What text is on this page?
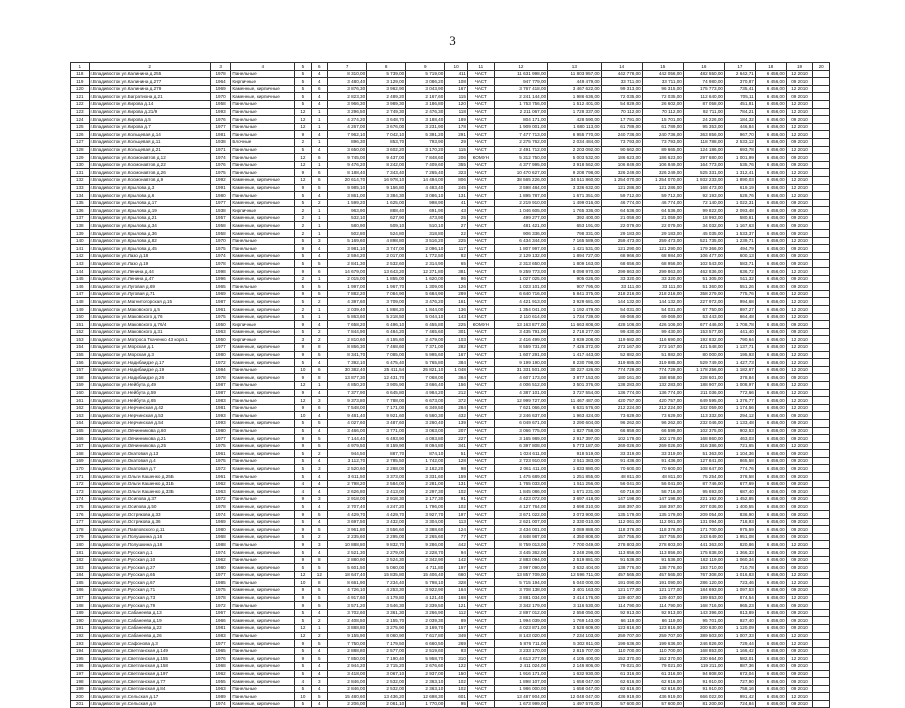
3
1	2	3	4	5	6	7	8	9	10	11	12	13	14	15	16	17	18	19	20
118	г.Владивосток ул.Калинина д.255	1978	Панельные	5	4	8 310,00	5 739,00	5 719,00	411	ЧАСТ	11 631 998,00	11 803 957,00	442 778,00	442 056,00	482 550,00	2 642,71	6 456,00	12 2010	
119	г.Владивосток ул.Калинина д.277	1964	Кирпичные	5	4	3 480,40	3 129,00	3 086,20	108	ЧАСТ	947 779,00	449 479,00	33 711,00	33 711,00	74 980,00	370,87	6 456,00	09 2010	
120	г.Владивосток ул.Калинина д.279	1969	Каменные, кирпичные	5	6	3 876,30	3 962,90	3 043,90	167	ЧАСТ	3 767 418,00	3 467 622,00	99 313,00	96 315,00	175 773,00	735,41	6 456,00	12 2010	
121	г.Владивосток ул.Багратиона д.21	1970	Каменные, кирпичные	5	4	2 823,30	2 489,20	2 167,60	115	ЧАСТ	2 241 144,00	1 986 636,00	72 035,00	72 035,00	112 640,00	705,11	6 456,00	09 2010	
122	г.Владивосток ул.Кирова д.14	1958	Панельные	5	4	3 966,30	3 989,30	3 186,80	120	ЧАСТ	1 753 756,00	1 512 401,00	54 829,00	26 602,00	87 058,00	451,81	6 456,00	12 2010	
123	г.Владивосток ул.Кирова д.21/9	1993	Панельные	12	1	3 296,50	2 749,30	2 476,30	118	ЧАСТ	2 211 067,00	1 728 337,00	70 112,00	70 112,00	92 711,00	784,21	6 456,00	12 2010	
124	г.Владивосток ул.Кирова д.5	1976	Панельные	12	1	4 274,20	3 648,70	3 188,40	189	ЧАСТ	804 171,00	428 590,00	17 791,00	15 701,00	24 226,00	184,32	6 456,00	09 2010	
125	г.Владивосток ул.Кирова д.7	1977	Панельные	12	1	4 267,00	3 676,00	3 231,90	178	ЧАСТ	1 909 001,00	1 680 113,00	61 789,00	61 789,00	95 353,00	446,84	6 456,00	12 2010	
126	г.Владивосток ул.Кольцевая д.14	1981	Панельные	9	4	7 962,10	7 042,10	5 391,20	291	ЧАСТ	7 477 713,00	6 955 770,00	240 736,00	240 736,00	363 856,00	967,70	6 456,00	12 2010	
127	г.Владивосток ул.Кольцевая д.11	1938	Блочные	2	1	896,30	853,70	793,90	29	ЧАСТ	2 275 762,00	2 034 484,00	73 793,00	73 793,00	118 788,00	2 533,12	6 456,00	09 2010	
128	г.Владивосток ул.Кольцевая д.21	1971	Панельные	5	4	3 650,00	3 602,20	3 170,20	115	ЧАСТ	2 491 712,00	2 203 092,00	90 662,00	89 665,00	124 186,00	693,78	6 456,00	12 2010	
129	г.Владивосток ул.Космонавтов д.12	1974	Панельные	12	6	9 745,00	9 437,00	7 848,60	206	КОМУН	5 312 750,00	5 003 532,00	186 623,00	186 623,00	297 680,00	1 001,99	6 456,00	09 2010	
130	г.Владивосток ул.Космонавтов д.22	1976	Панельные	12	1	9 476,20	8 242,00	7 409,60	355	ЧАСТ	4 377 995,00	3 918 562,00	106 849,00	106 849,00	164 773,00	535,76	6 456,00	09 2010	
131	г.Владивосток ул.Космонавтов д.26	1975	Панельные	9	6	8 188,40	7 343,40	7 265,40	323	ЧАСТ	10 470 627,00	9 208 798,00	326 249,00	326 249,00	525 331,00	1 312,41	6 456,00	12 2010	
132	г.Владивосток ул.Космонавтов д.9	1992	Каменные, кирпичные	12	6	20 614,70	16 978,10	14 494,00	806	ЧАСТ	38 565 226,00	34 511 860,00	1 254 070,00	1 254 070,00	1 932 233,00	1 890,03	6 456,00	12 2010	
133	г.Владивосток ул.Крылова д.3	1991	Каменные, кирпичные	9	5	9 985,10	9 156,80	4 483,40	245	ЧАСТ	3 598 484,00	3 336 632,00	121 286,00	121 286,00	168 473,00	619,19	6 456,00	12 2010	
134	г.Владивосток ул.Крылова д.6	1980	Панельные	5	4	3 861,00	3 384,30	3 086,10	131	ЧАСТ	1 895 787,00	1 671 351,00	59 712,00	59 712,00	92 193,00	528,76	6 456,00	12 2010	
135	г.Владивосток ул.Крылова д.17	1977	Каменные, кирпичные	5	2	1 599,20	1 625,00	998,90	41	ЧАСТ	2 219 910,00	1 499 016,00	46 774,00	46 774,00	72 140,00	1 022,31	6 456,00	09 2010	
136	г.Владивосток ул.Крылова д.19	1938	Кирпичные	2	1	963,90	888,40	691,90	43	ЧАСТ	1 046 605,00	1 765 336,00	64 536,00	64 536,00	99 822,00	2 093,48	6 456,00	09 2010	
137	г.Владивосток ул.Крылова д.21	1957	Каменные, кирпичные	2	1	532,10	627,90	473,90	25	ЧАСТ	499 277,00	392 400,00	21 059,00	21 059,00	18 993,00	580,61	6 456,00	09 2010	
138	г.Владивосток ул.Крылова д.34	1958	Каменные, кирпичные	2	1	580,90	509,10	510,10	27	ЧАСТ	481 421,00	653 191,00	22 079,00	22 079,00	34 032,00	1 167,63	6 456,00	09 2010	
139	г.Владивосток ул.Крылова д.36	1958	Каменные, кирпичные	2	1	502,80	524,80	318,80	22	ЧАСТ	906 336,00	798 331,00	29 183,00	29 183,00	45 035,00	1 533,37	6 456,00	09 2010	
140	г.Владивосток ул.Крылова д.82	1970	Панельные	5	3	5 169,60	4 898,80	3 516,20	225	ЧАСТ	6 434 344,00	7 165 589,00	259 473,00	259 473,00	521 735,00	1 239,71	6 456,00	12 2010	
141	г.Владивосток ул.Крылова д.45	1975	Панельные	9	4	3 981,10	3 747,00	2 096,10	117	ЧАСТ	1 807 997,00	1 421 531,00	121 290,00	121 290,00	179 366,00	494,79	6 456,00	09 2010	
142	г.Владивосток ул.Лазо д.18	1974	Каменные, кирпичные	5	4	2 594,20	2 017,00	1 772,50	82	ЧАСТ	2 129 132,00	1 894 727,00	68 966,00	68 984,00	106 477,00	600,13	6 456,00	09 2010	
143	г.Владивосток ул.Лазо д.19	1978	Каменные, кирпичные	5	5	2 841,30	2 532,60	2 314,90	65	ЧАСТ	2 313 650,00	1 809 163,00	68 656,00	68 956,00	102 543,00	583,71	6 456,00	09 2010	
144	г.Владивосток ул.Ленина д.44	1998	Каменные, кирпичные	9	6	14 679,00	13 643,20	12 271,80	381	ЧАСТ	9 259 773,00	8 098 970,00	299 863,00	299 863,00	462 836,00	636,72	6 456,00	12 2010	
145	г.Владивосток ул.Ленина д.47	1996	Каменные, кирпичные	2	1	2 015,00	1 855,00	1 620,00	86	ЧАСТ	1 027 025,00	905 026,00	33 320,00	33 320,00	51 305,00	511,32	6 456,00	09 2010	
146	г.Владивосток ул.Луговая д.69	1965	Панельные	5	5	1 997,00	1 967,70	1 309,00	126	ЧАСТ	1 023 101,00	907 795,00	33 111,00	33 111,00	51 360,00	551,26	6 456,00	09 2010	
147	г.Владивосток ул.Луговая д.71	1969	Каменные, кирпичные	9	5	7 882,20	7 084,90	5 684,90	289	ЧАСТ	6 640 716,00	5 841 375,00	218 216,00	218 216,00	358 279,00	775,76	6 456,00	12 2010	
148	г.Владивосток ул.Магнитогорская д.15	1987	Каменные, кирпичные	5	2	4 397,60	3 709,00	3 476,20	161	ЧАСТ	4 421 913,00	3 929 681,00	144 132,00	144 132,00	227 972,00	994,68	6 456,00	12 2010	
149	г.Владивосток ул.Маковского д.5	1961	Каменные, кирпичные	2	1	2 039,40	1 868,20	1 844,00	136	ЧАСТ	1 354 041,00	1 192 479,00	54 031,00	54 031,00	67 750,00	897,27	6 456,00	12 2010	
150	г.Владивосток ул.Маковского д.76	1975	Каменные, кирпичные	5	1	5 863,60	5 218,50	5 044,10	143	ЧАСТ	2 110 614,00	1 734 739,00	69 069,00	69 069,00	53 443,00	664,48	6 456,00	12 2010	
151	г.Владивосток ул.Маковского д.76/4	1950	Кирпичные	9	4	7 658,20	6 496,10	6 455,80	225	КОМУН	13 163 877,00	11 663 808,00	428 106,00	426 106,00	677 446,00	1 708,78	6 456,00	09 2010	
152	г.Владивосток ул.Маковского д.31	1963	Каменные, кирпичные	5	2	7 844,90	6 484,20	7 465,60	301	ЧАСТ	3 435 791,00	2 718 277,00	99 430,00	99 430,00	153 577,00	441,40	6 456,00	09 2010	
153	г.Владивосток ул.Матроса Ткаченко 43 корп.1	1950	Кирпичные	3	2	2 810,60	4 155,60	2 479,00	103	ЧАСТ	2 416 499,00	3 939 208,00	119 682,00	116 690,00	192 832,00	790,64	6 456,00	12 2010	
154	г.Владивосток ул.Морская д.1	1977	Каменные, кирпичные	9	8	8 866,30	7 468,60	7 371,00	282	ЧАСТ	8 559 731,00	7 426 372,00	273 167,00	273 167,00	421 548,00	1 137,71	6 456,00	12 2010	
155	г.Владивосток ул.Морская д.3	1980	Каменные, кирпичные	9	5	8 341,70	7 085,00	5 995,60	167	ЧАСТ	1 607 291,00	1 417 443,00	52 882,00	51 882,00	80 000,00	195,93	6 456,00	12 2010	
156	г.Владивосток ул.Надибаидзе д.17	1972	Каменные, кирпичные	5	4	7 392,10	6 475,40	5 765,80	384	ЧАСТ	9 199 190,00	8 230 798,00	319 885,00	319 885,00	529 749,00	1 427,73	6 456,00	12 2010	
157	г.Владивосток ул.Надибаидзе д.19	1984	Панельные	10	6	30 382,40	25 411,54	25 821,10	1 048	ЧАСТ	31 331 501,00	30 227 426,00	774 729,00	774 729,00	1 178 256,00	1 182,67	6 456,00	12 2010	
158	г.Владивосток ул.Надибаидзе д.26	1978	Каменные, кирпичные	9	8	13 877,30	12 431,70	7 068,00	364	ЧАСТ	4 607 173,00	3 877 153,00	180 161,00	158 658,00	228 601,00	378,84	6 456,00	09 2010	
159	г.Владивосток ул.Нейбута д.49	1987	Панельные	12	1	4 850,20	3 905,90	3 666,40	156	ЧАСТ	4 006 512,00	3 501 376,00	138 283,00	132 283,00	188 907,00	1 008,97	6 456,00	12 2010	
160	г.Владивосток ул.Нейбута д.59	1987	Каменные, кирпичные	9	4	7 377,90	6 645,80	4 984,20	212	ЧАСТ	4 387 101,00	3 727 554,00	136 774,00	136 774,00	211 036,00	772,66	6 456,00	12 2010	
161	г.Владивосток ул.Нейбута д.65	1983	Панельные	12	3	9 373,80	7 788,00	6 673,00	372	ЧАСТ	12 999 727,00	11 467 487,00	420 757,00	420 757,00	649 595,00	1 376,77	6 456,00	12 2010	
162	г.Владивосток ул.Нерчинская д.42	1981	Панельные	9	6	7 548,00	7 171,00	6 349,50	284	ЧАСТ	7 621 066,00	6 631 576,00	212 224,00	212 224,00	342 059,00	1 174,56	6 456,00	12 2010	
163	г.Владивосток ул.Нерчинская д.53	1993	Панельные	10	4	9 481,40	9 921,60	6 560,30	432	ЧАСТ	2 246 637,00	1 963 424,00	73 629,00	73 629,00	113 332,00	294,12	6 456,00	09 2010	
164	г.Владивосток ул.Нерчинская д.54	1993	Каменные, кирпичные	5	5	4 027,60	3 487,60	3 260,40	139	ЧАСТ	6 049 671,00	3 290 604,00	96 262,00	96 262,00	232 046,00	1 133,48	6 456,00	09 2010	
165	г.Владивосток ул.Овчинникова д.60	1980	Панельные	5	4	3 466,00	3 771,00	3 063,00	207	ЧАСТ	3 066 775,00	1 827 758,00	66 859,00	66 599,00	102 375,00	902,53	6 456,00	09 2010	
166	г.Владивосток ул.Овчинникова д.21	1977	Каменные, кирпичные	9	5	7 144,40	6 493,90	4 093,80	227	ЧАСТ	3 165 989,00	2 917 397,00	102 179,00	102 179,00	168 860,00	463,03	6 456,00	09 2010	
167	г.Владивосток ул.Овчинникова д.25	1975	Каменные, кирпичные	9	5	4 979,50	8 159,90	8 094,80	341	ЧАСТ	6 397 808,00	5 773 187,00	269 026,00	269 026,00	316 386,00	721,65	6 456,00	12 2010	
168	г.Владивосток ул.Окатовая д.13	1961	Каменные, кирпичные	5	2	944,50	887,70	874,10	51	ЧАСТ	1 024 611,00	918 519,00	33 319,00	33 319,00	51 363,00	1 104,36	6 456,00	09 2010	
169	г.Владивосток ул.Окатовая д.4	1975	Панельные	5	4	3 112,70	2 785,50	1 742,00	128	ЧАСТ	2 723 910,00	2 511 383,00	91 436,00	91 436,00	127 841,00	865,58	6 456,00	09 2010	
170	г.Владивосток ул.Окатовая д.7	1972	Каменные, кирпичные	5	3	2 520,60	2 268,00	2 162,20	98	ЧАСТ	2 061 411,00	1 833 880,00	70 600,00	70 600,00	108 647,00	774,76	6 456,00	09 2010	
171	г.Владивосток ул.Ольги Кашенко д.25Б	1961	Панельные	5	4	3 611,50	3 373,00	3 331,60	159	ЧАСТ	1 475 689,00	1 251 855,00	48 811,00	48 811,00	75 254,00	378,58	6 456,00	09 2010	
172	г.Владивосток ул.Ольги Кашенко д.31Б	1962	Каменные, кирпичные	4	4	2 798,20	2 584,00	2 281,00	131	ЧАСТ	1 765 033,00	1 511 256,00	56 041,00	56 041,00	87 746,00	677,69	6 456,00	09 2010	
173	г.Владивосток ул.Ольги Кашенко д.33Б	1963	Каменные, кирпичные	4	4	2 626,80	2 413,00	2 297,30	102	ЧАСТ	1 845 086,00	1 671 231,00	60 716,00	58 716,00	95 693,00	687,40	6 456,00	09 2010	
174	г.Владивосток ул.Осипова д.37	1972	Панельные	9	3	2 918,00	2 918,30	2 177,30	91	ЧАСТ	4 423 072,00	3 697 418,00	147 198,00	147 198,00	221 192,00	1 452,85	6 456,00	09 2010	
175	г.Владивосток ул.Осипова д.50	1978	Каменные, кирпичные	5	4	2 707,40	4 247,20	1 796,00	102	ЧАСТ	4 127 764,00	3 698 310,00	158 397,00	158 397,00	207 036,00	1 400,55	6 456,00	09 2010	
176	г.Владивосток ул.Острякова д.33	1974	Каменные, кирпичные	9	5	4 429,70	4 429,70	3 927,70	197	ЧАСТ	3 671 022,00	3 073 900,00	135 179,00	135 179,00	209 054,00	836,90	6 456,00	09 2010	
177	г.Владивосток ул.Острякова д.36	1969	Каменные, кирпичные	5	4	3 697,50	3 432,00	3 304,00	113	ЧАСТ	2 621 007,00	2 330 010,00	112 061,00	112 061,00	131 094,00	718,93	6 456,00	09 2010	
178	г.Владивосток ул.Павловского д.11	1980	Каменные, кирпичные	9	5	3 961,80	3 556,60	3 388,60	124	ЧАСТ	3 434 001,00	3 089 888,00	118 376,00	118 376,00	171 700,00	975,59	6 456,00	09 2010	
179	г.Владивосток ул.Полушкина д.16	1968	Каменные, кирпичные	5	2	2 235,60	2 295,00	2 265,60	77	ЧАСТ	4 848 987,00	4 350 808,00	157 755,00	157 755,00	243 649,00	1 951,08	6 456,00	09 2010	
180	г.Владивосток ул.Полушкина д.18	1988	Панельные	9	3	10 888,80	9 832,70	9 286,00	442	ЧАСТ	8 759 013,00	7 700 049,00	278 803,00	278 803,00	441 363,00	820,86	6 456,00	12 2010	
181	г.Владивосток ул.Русская д.1	1974	Каменные, кирпичные	5	4	2 521,30	2 279,00	2 228,70	94	ЧАСТ	3 445 362,00	3 248 296,00	113 856,00	113 856,00	175 838,00	1 366,33	6 456,00	09 2010	
182	г.Владивосток ул.Русская д.10	1962	Панельные	9	8	2 880,90	2 524,30	2 342,90	142	ЧАСТ	2 883 094,00	2 519 881,00	91 536,00	91 536,00	162 119,00	1 060,34	6 456,00	09 2010	
183	г.Владивосток ул.Русская д.27	1980	Каменные, кирпичные	5	5	5 601,50	5 060,00	4 711,80	197	ЧАСТ	3 997 090,00	3 632 404,00	138 776,00	138 776,00	193 710,00	710,78	6 456,00	09 2010	
184	г.Владивосток ул.Русская д.65	1977	Каменные, кирпичные	12	12	18 647,40	15 835,80	15 406,40	660	ЧАСТ	13 857 709,00	12 596 711,00	457 565,00	457 565,00	767 308,00	1 016,83	6 456,00	12 2010	
185	г.Владивосток ул.Русская д.67	1985	Панельные	10	8	8 661,90	7 234,40	5 798,10	328	ЧАСТ	5 715 194,00	5 040 000,00	191 090,00	191 090,00	286 120,00	723,46	6 456,00	12 2010	
186	г.Владивосток ул.Русская д.71	1975	Каменные, кирпичные	9	5	4 726,10	4 253,30	3 922,90	164	ЧАСТ	3 708 138,00	3 401 163,00	121 177,00	121 177,00	184 693,00	1 097,53	6 456,00	09 2010	
187	г.Владивосток ул.Русская д.73	1978	Каменные, кирпичные	9	5	4 917,60	4 179,80	4 121,40	168	ЧАСТ	3 881 034,00	3 414 176,00	129 407,00	129 407,00	199 853,00	874,54	6 456,00	12 2010	
188	г.Владивосток ул.Русская д.79	1972	Панельные	9	5	3 571,20	3 546,30	2 339,50	121	ЧАСТ	3 342 179,00	3 116 530,00	114 790,00	114 790,00	168 716,00	965,23	6 456,00	09 2010	
189	г.Владивосток ул.Сабанеева д.13	1967	Каменные, кирпичные	5	4	3 702,60	3 361,30	3 266,90	112	ЧАСТ	2 897 012,00	2 558 050,00	92 913,00	92 913,00	143 396,00	813,89	6 456,00	09 2010	
190	г.Владивосток ул.Сабанеева д.19	1966	Каменные, кирпичные	5	2	2 408,50	2 155,70	2 039,30	89	ЧАСТ	1 994 039,00	1 769 143,00	66 119,00	66 119,00	95 701,00	927,40	6 456,00	09 2010	
191	г.Владивосток ул.Сабанеева д.22	1981	Каменные, кирпичные	12	1	3 888,80	3 275,90	3 169,70	157	ЧАСТ	4 023 871,00	3 528 609,00	123 816,00	123 816,00	200 630,00	1 120,09	6 456,00	09 2010	
192	г.Владивосток ул.Сабанеева д.26	1983	Панельные	12	2	9 155,90	8 060,90	7 617,80	349	ЧАСТ	8 143 020,00	7 234 103,00	259 707,00	259 707,00	389 503,00	1 007,33	6 456,00	12 2010	
193	г.Владивосток ул.Сафонова д.3	1977	Каменные, кирпичные	9	5	7 750,00	7 179,50	6 660,50	269	ЧАСТ	5 876 711,00	5 302 911,00	199 636,00	199 636,00	246 826,00	729,44	6 456,00	12 2010	
194	г.Владивосток ул.Светланская д.149	1965	Панельные	5	4	2 888,80	2 577,00	2 519,60	93	ЧАСТ	3 233 170,00	2 815 707,00	110 700,00	110 700,00	168 853,00	1 166,42	6 456,00	09 2010	
195	г.Владивосток ул.Светланская д.155	1976	Каменные, кирпичные	9	5	7 850,00	7 190,40	5 958,70	310	ЧАСТ	4 613 277,00	4 105 400,00	152 370,00	152 370,00	230 664,00	582,01	6 456,00	12 2010	
196	г.Владивосток ул.Светланская д.158	1968	Каменные, кирпичные	5	4	2 944,20	2 715,20	2 676,60	122	ЧАСТ	2 411 024,00	2 146 806,00	79 021,00	79 021,00	119 211,00	887,36	6 456,00	09 2010	
197	г.Владивосток ул.Светланская д.197	1962	Каменные, кирпичные	5	4	3 418,00	3 067,10	2 937,00	150	ЧАСТ	1 916 171,00	1 632 930,00	61 316,00	61 316,00	94 808,00	672,04	6 456,00	09 2010	
198	г.Владивосток ул.Светланская д.77	1955	Каменные, кирпичные	4	3	2 846,00	2 532,00	2 363,10	102	ЧАСТ	1 898 107,00	1 658 047,00	62 616,00	62 616,00	91 910,00	727,90	6 456,00	09 2010	
199	г.Владивосток ул.Светланская д.84	1963	Панельные	5	4	2 846,00	2 532,00	2 363,10	102	ЧАСТ	1 986 000,00	1 658 047,00	62 616,00	62 616,00	91 910,00	758,16	6 456,00	09 2010	
200	г.Владивосток ул.Сельская д.17	1989	Панельные	10	5	15 480,60	13 436,20	12 698,30	601	ЧАСТ	13 487 904,00	12 048 047,00	436 919,00	436 919,00	666 022,00	991,42	6 456,00	12 2010	
201	г.Владивосток ул.Сельская д.9	1974	Каменные, кирпичные	5	4	2 206,00	2 061,10	1 770,00	95	ЧАСТ	1 673 999,00	1 497 570,00	57 600,00	57 600,00	81 200,00	724,84	6 456,00	09 2010	
